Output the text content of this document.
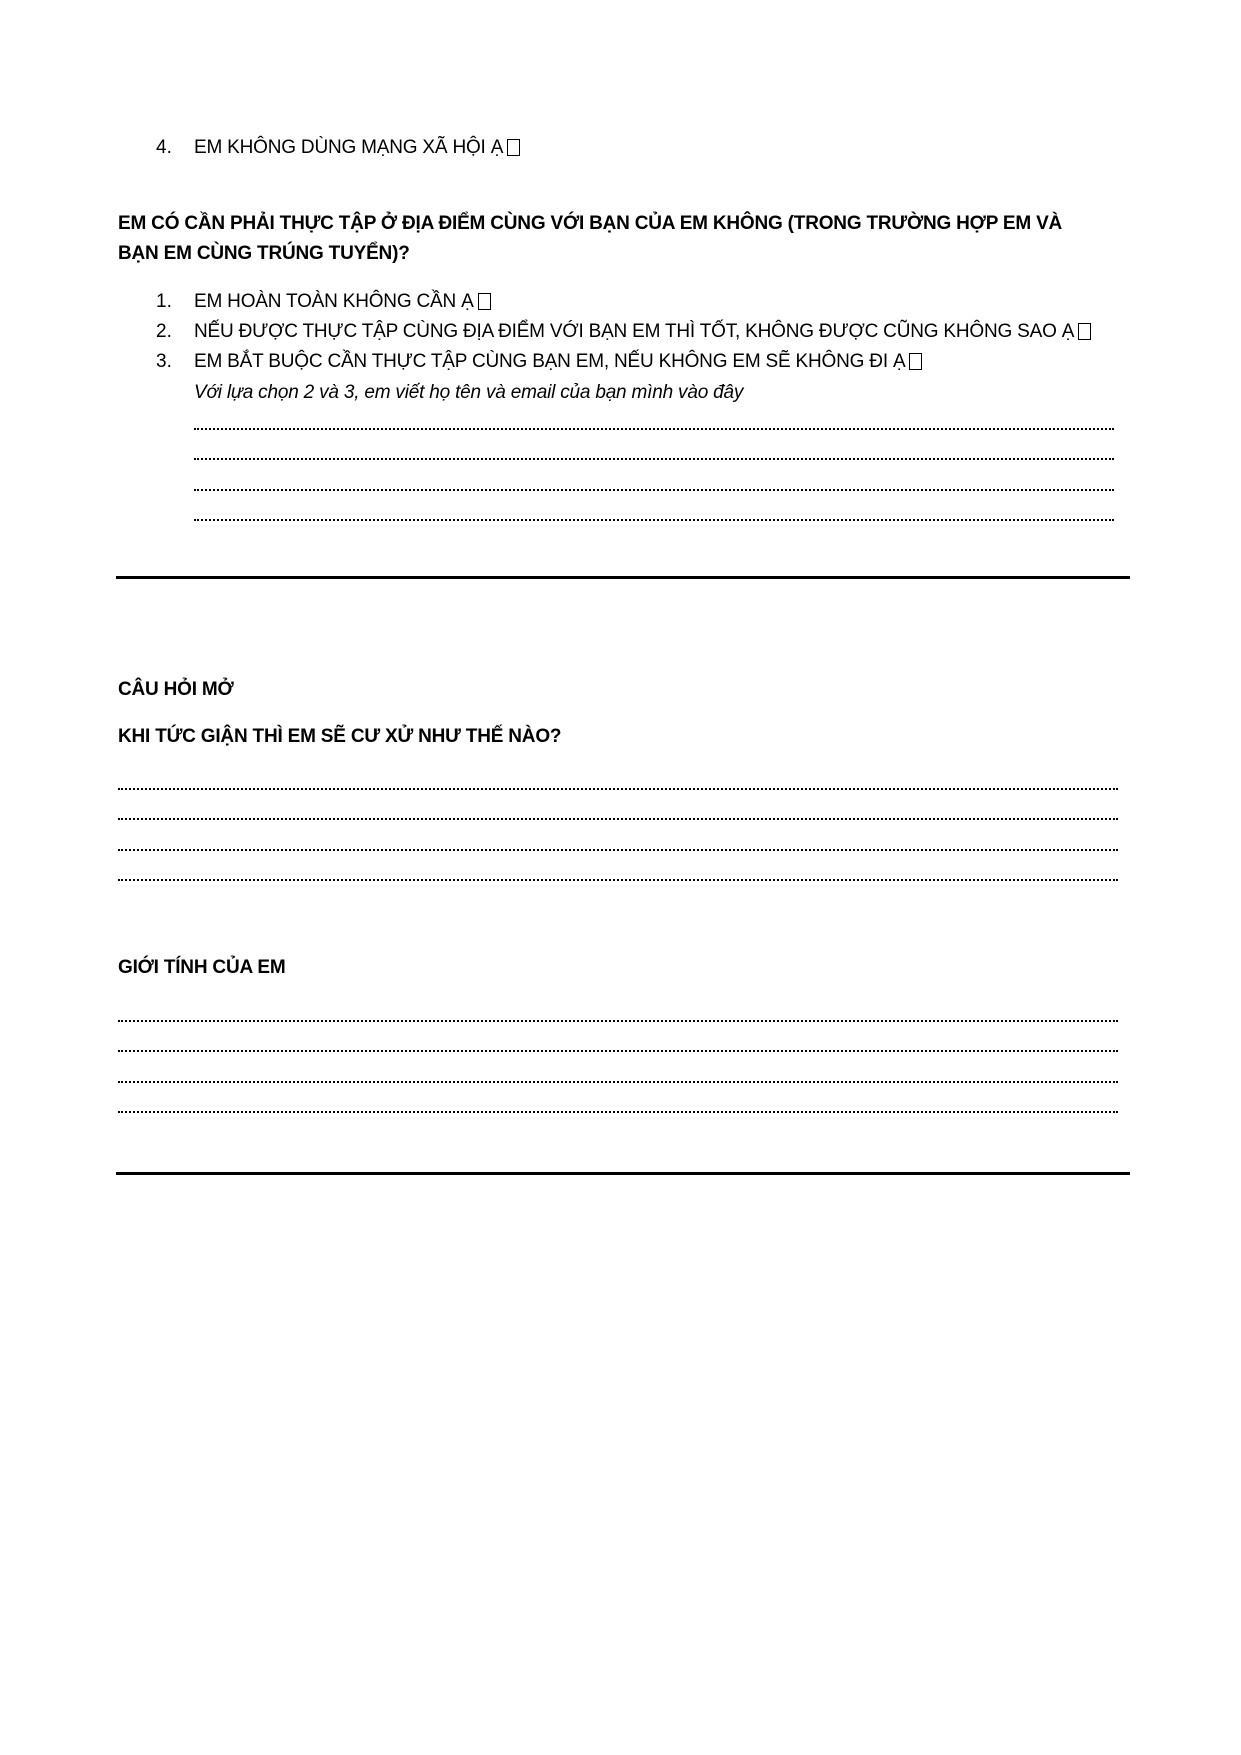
4. EM KHÔNG DÙNG MẠNG XÃ HỘI Ạ
EM CÓ CẦN PHẢI THỰC TẬP Ở ĐỊA ĐIỂM CÙNG VỚI BẠN CỦA EM KHÔNG (TRONG TRƯỜNG HỢP EM VÀ
BẠN EM CÙNG TRÚNG TUYỂN)?
1. EM HOÀN TOÀN KHÔNG CẦN Ạ
2. NẾU ĐƯỢC THỰC TẬP CÙNG ĐỊA ĐIỂM VỚI BẠN EM THÌ TỐT, KHÔNG ĐƯỢC CŨNG KHÔNG SAO Ạ
3. EM BẮT BUỘC CẦN THỰC TẬP CÙNG BẠN EM, NẾU KHÔNG EM SẼ KHÔNG ĐI Ạ
Với lựa chọn 2 và 3, em viết họ tên và email của bạn mình vào đây
CÂU HỎI MỞ
KHI TỨC GIẬN THÌ EM SẼ CƯ XỬ NHƯ THẾ NÀO?
GIỚI TÍNH CỦA EM
